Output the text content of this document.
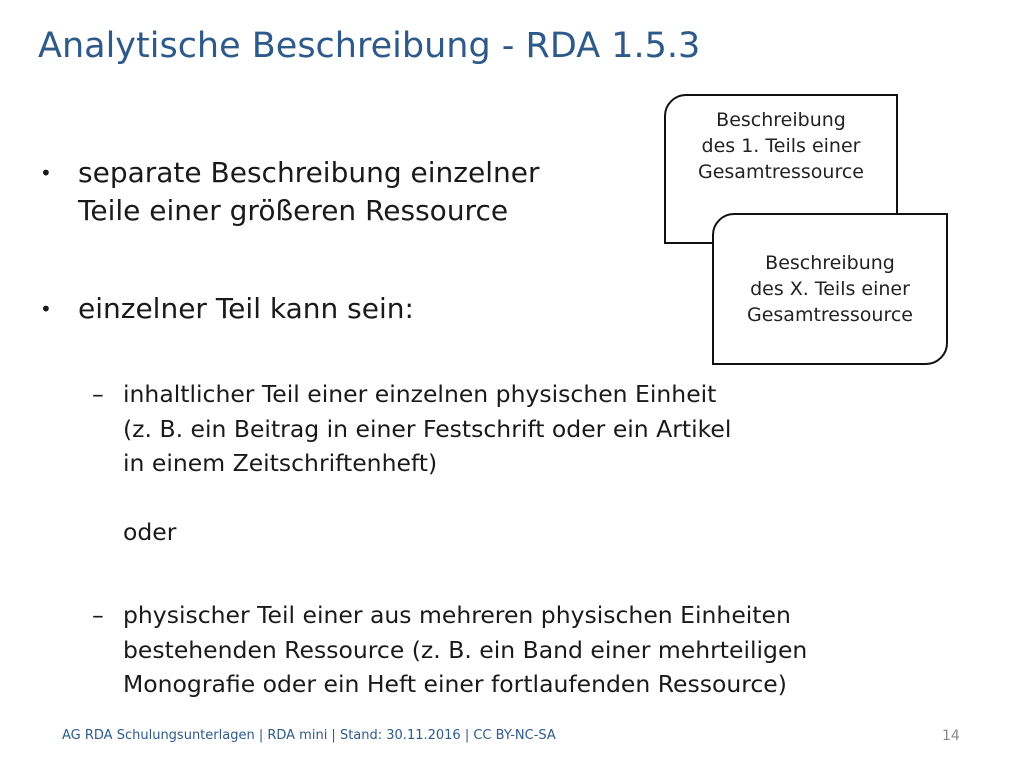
Analytische Beschreibung - RDA 1.5.3
• separate Beschreibung einzelner
Teile einer größeren Ressource
• einzelner Teil kann sein:
– inhaltlicher Teil einer einzelnen physischen Einheit
(z. B. ein Beitrag in einer Festschrift oder ein Artikel
in einem Zeitschriftenheft)
oder
– physischer Teil einer aus mehreren physischen Einheiten
bestehenden Ressource (z. B. ein Band einer mehrteiligen
Monografie oder ein Heft einer fortlaufenden Ressource)
Beschreibung
des 1. Teils einer
Gesamtressource
Beschreibung
des X. Teils einer
Gesamtressource
AG RDA Schulungsunterlagen | RDA mini | Stand: 30.11.2016 | CC BY-NC-SA	14
